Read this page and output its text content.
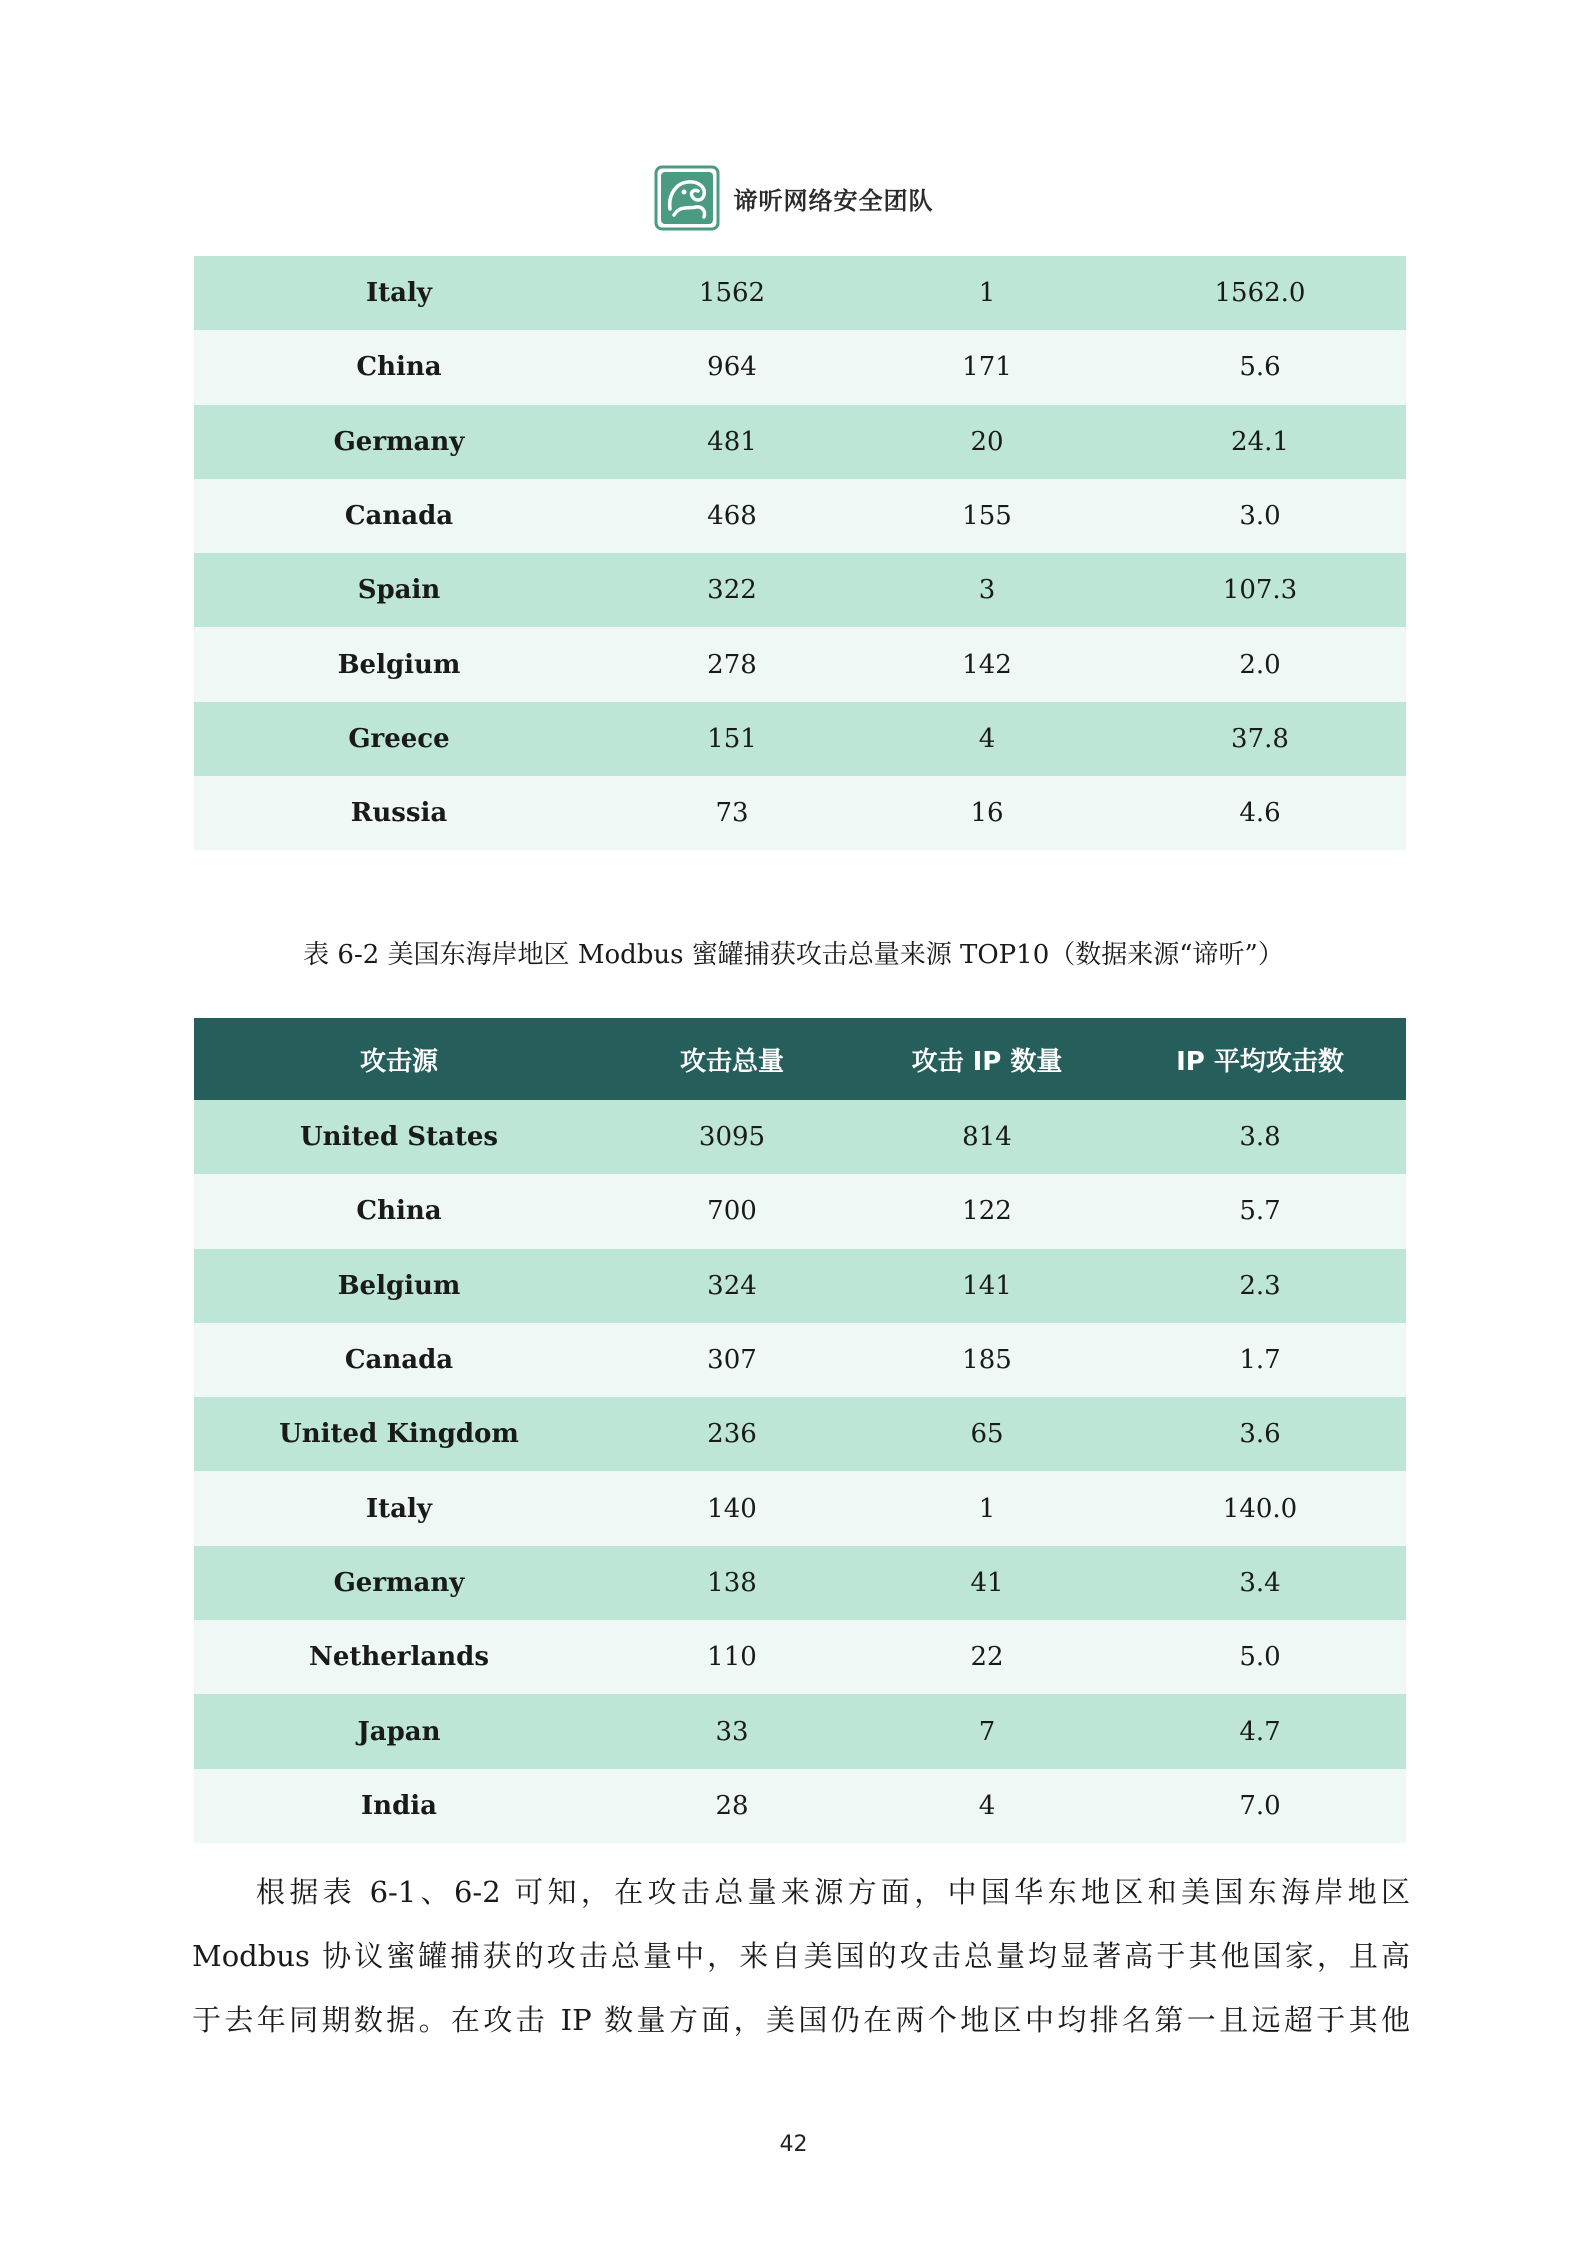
谛听网络安全团队
Italy	1562	1	1562.0
China	964	171	5.6
Germany	481	20	24.1
Canada	468	155	3.0
Spain	322	3	107.3
Belgium	278	142	2.0
Greece	151	4	37.8
Russia	73	16	4.6
表 6-2 美国东海岸地区 Modbus 蜜罐捕获攻击总量来源 TOP10（数据来源“谛听”）
攻击源	攻击总量	攻击 IP 数量	IP 平均攻击数
United States	3095	814	3.8
China	700	122	5.7
Belgium	324	141	2.3
Canada	307	185	1.7
United Kingdom	236	65	3.6
Italy	140	1	140.0
Germany	138	41	3.4
Netherlands	110	22	5.0
Japan	33	7	4.7
India	28	4	7.0
根据表 6-1、6-2 可知，在攻击总量来源方面，中国华东地区和美国东海岸地区
Modbus 协议蜜罐捕获的攻击总量中，来自美国的攻击总量均显著高于其他国家，且高
于去年同期数据。在攻击 IP 数量方面，美国仍在两个地区中均排名第一且远超于其他
42
